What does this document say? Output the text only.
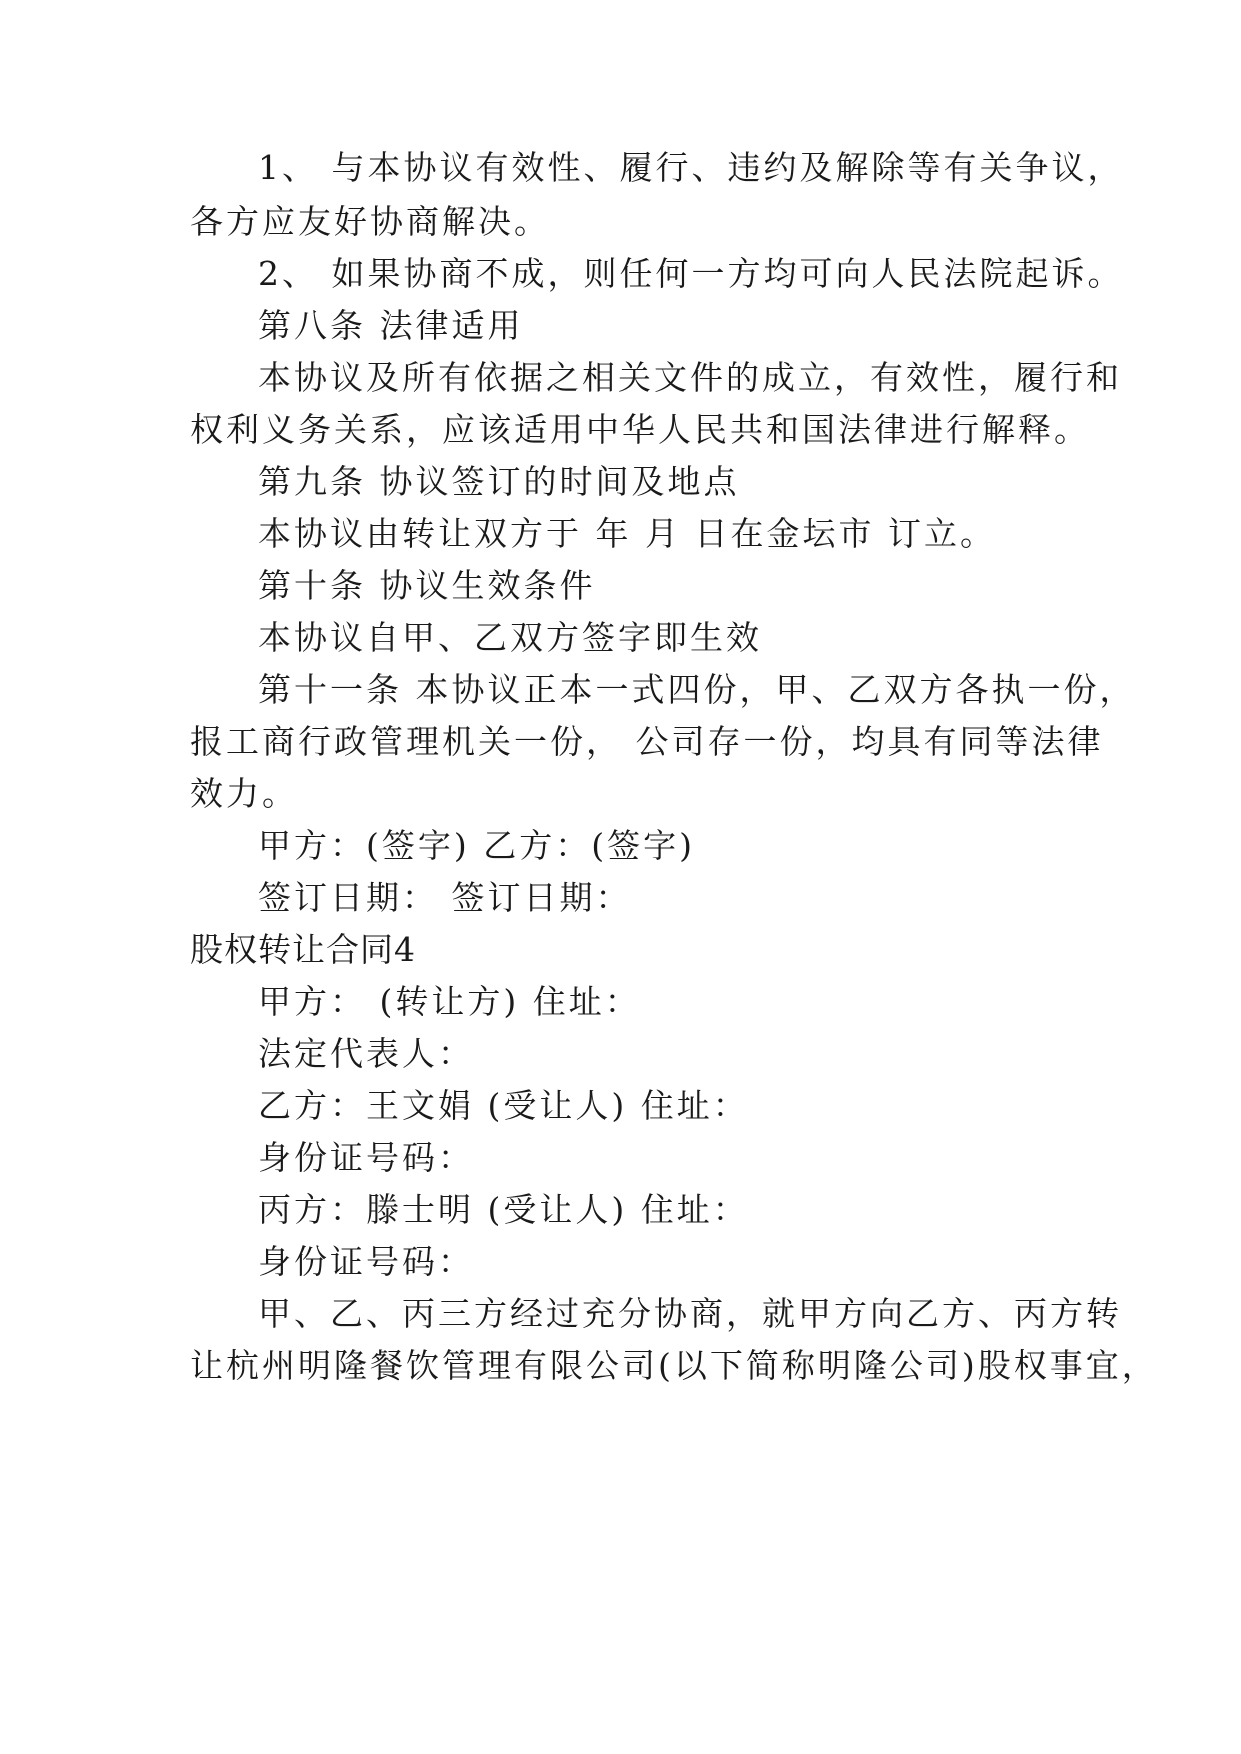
1、 与本协议有效性、履行、违约及解除等有关争议，
各方应友好协商解决。
2、 如果协商不成，则任何一方均可向人民法院起诉。
第八条 法律适用
本协议及所有依据之相关文件的成立，有效性，履行和
权利义务关系，应该适用中华人民共和国法律进行解释。
第九条 协议签订的时间及地点
本协议由转让双方于 年 月 日在金坛市 订立。
第十条 协议生效条件
本协议自甲、乙双方签字即生效
第十一条 本协议正本一式四份，甲、乙双方各执一份，
报工商行政管理机关一份， 公司存一份，均具有同等法律
效力。
甲方：(签字) 乙方：(签字)
签订日期： 签订日期：
股权转让合同4
甲方： (转让方) 住址：
法定代表人：
乙方：王文娟 (受让人) 住址：
身份证号码：
丙方：滕士明 (受让人) 住址：
身份证号码：
甲、乙、丙三方经过充分协商，就甲方向乙方、丙方转
让杭州明隆餐饮管理有限公司(以下简称明隆公司)股权事宜，
